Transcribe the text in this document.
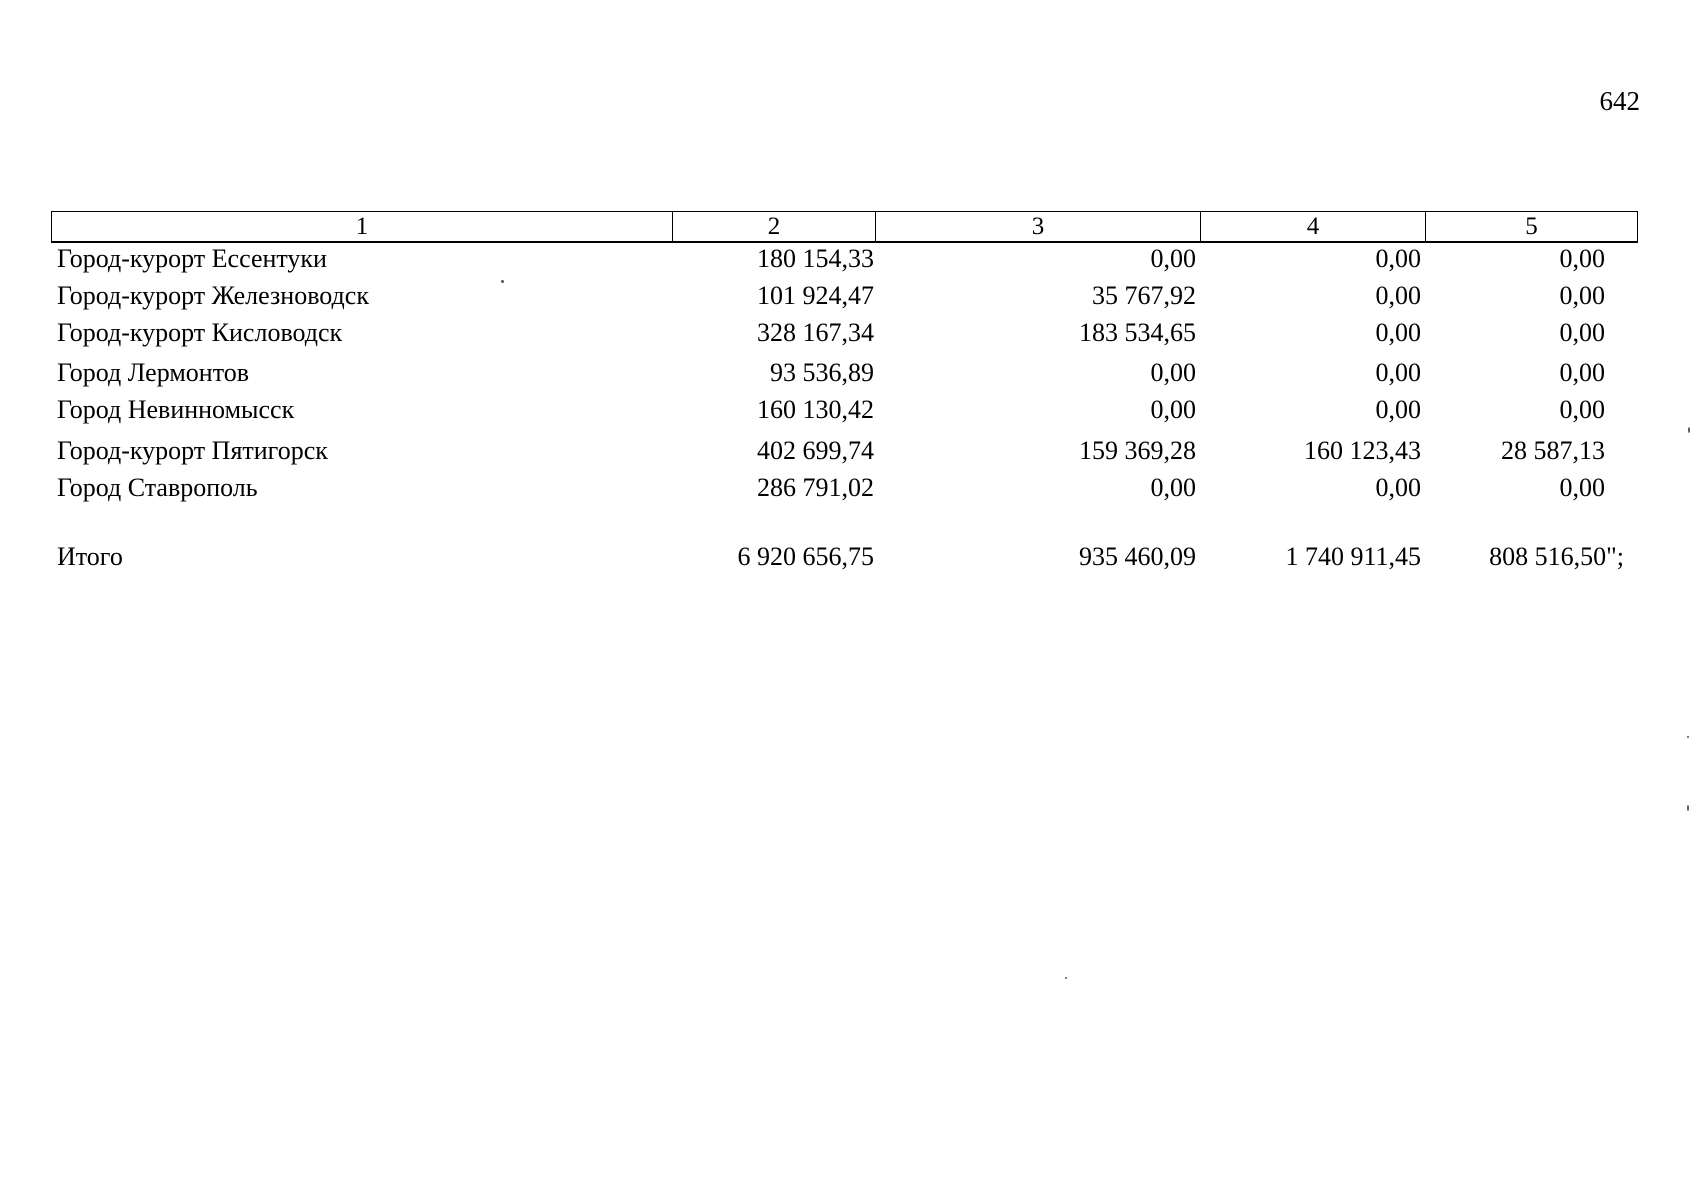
642
1	2	3	4	5
Город-курорт Ессентуки	180 154,33	0,00	0,00	0,00
Город-курорт Железноводск	101 924,47	35 767,92	0,00	0,00
Город-курорт Кисловодск	328 167,34	183 534,65	0,00	0,00
Город Лермонтов	93 536,89	0,00	0,00	0,00
Город Невинномысск	160 130,42	0,00	0,00	0,00
Город-курорт Пятигорск	402 699,74	159 369,28	160 123,43	28 587,13
Город Ставрополь	286 791,02	0,00	0,00	0,00
Итого	6 920 656,75	935 460,09	1 740 911,45	808 516,50";
